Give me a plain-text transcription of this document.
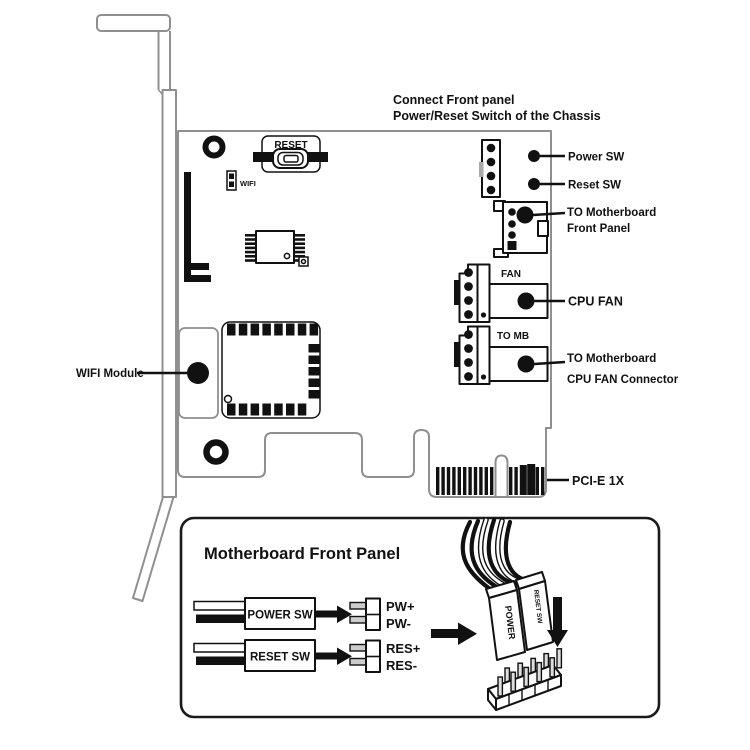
RESET
WIFI
WIFI Module
Power SW
Reset SW
TO Motherboard
Front Panel
FAN
CPU FAN
TO MB
TO Motherboard
CPU FAN Connector
PCI-E 1X
Connect Front panel
Power/Reset Switch of the Chassis
Motherboard Front Panel
POWER SW
PW+
PW-
RESET SW
RES+
RES-
POWER RESET SW
